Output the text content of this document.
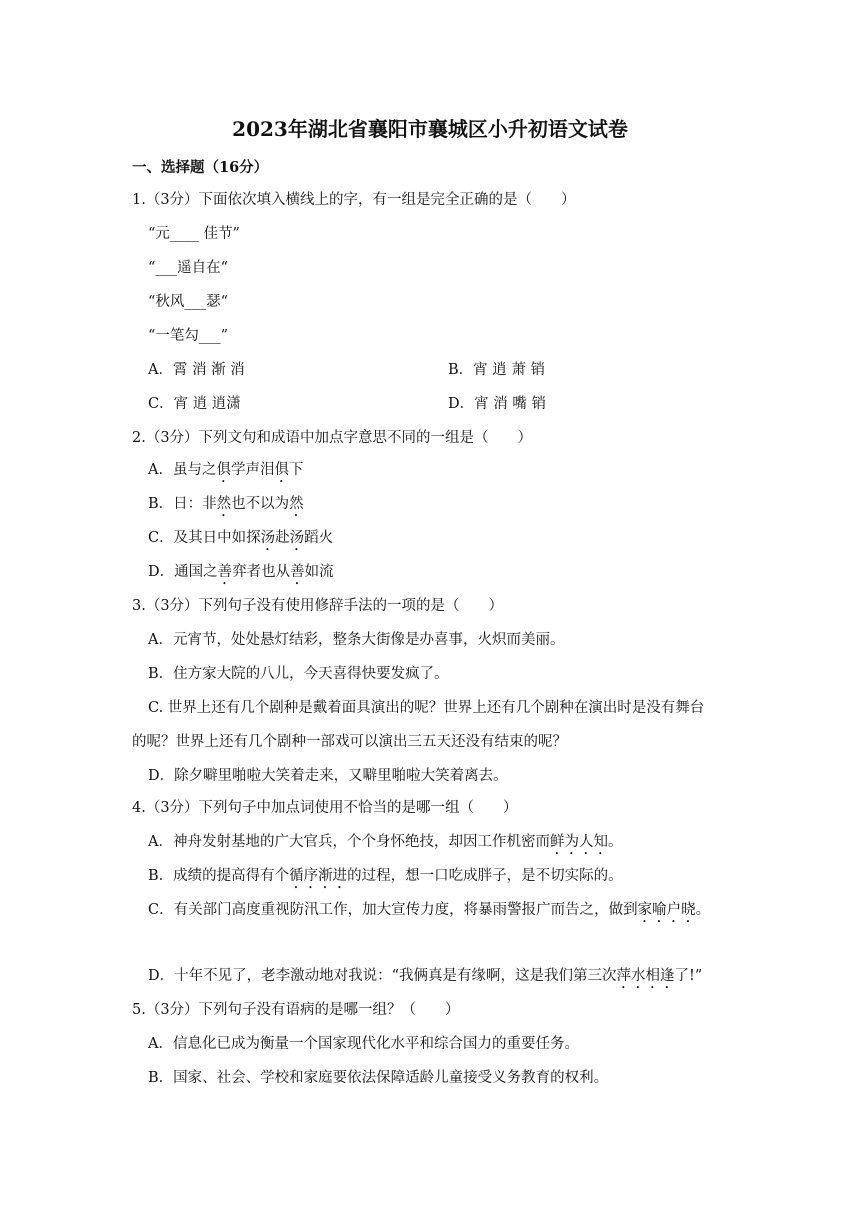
2023年湖北省襄阳市襄城区小升初语文试卷
一、选择题（16分）
1.（3分）下面依次填入横线上的字，有一组是完全正确的是（　　）
“元____ 佳节”
“___遥自在“
“秋风___瑟“
“一笔勾___”
A．霄 消 渐 消	B．宵 逍 萧 销
C．宵 逍 逍潇	D．宵 消 嘴 销
2.（3分）下列文句和成语中加点字意思不同的一组是（　　）
A．虽与之俱学声泪俱下
B．日：非然也不以为然
C．及其日中如探汤赴汤蹈火
D．通国之善弈者也从善如流
3.（3分）下列句子没有使用修辞手法的一项的是（　　）
A．元宵节，处处悬灯结彩，整条大街像是办喜事，火炽而美丽。
B．住方家大院的八儿，今天喜得快要发疯了。
C. 世界上还有几个剧种是戴着面具演出的呢？世界上还有几个剧种在演出时是没有舞台
的呢？世界上还有几个剧种一部戏可以演出三五天还没有结束的呢？
D．除夕噼里啪啦大笑着走来，又噼里啪啦大笑着离去。
4.（3分）下列句子中加点词使用不恰当的是哪一组（　　）
A．神舟发射基地的广大官兵，个个身怀绝技，却因工作机密而鲜为人知。
B．成绩的提高得有个循序渐进的过程，想一口吃成胖子，是不切实际的。
C．有关部门高度重视防汛工作，加大宣传力度，将暴雨警报广而告之，做到家喻户晓。
D．十年不见了，老李激动地对我说：“我俩真是有缘啊，这是我们第三次萍水相逢了!”
5.（3分）下列句子没有语病的是哪一组？（　　）
A．信息化已成为衡量一个国家现代化水平和综合国力的重要任务。
B．国家、社会、学校和家庭要依法保障适龄儿童接受义务教育的权利。
